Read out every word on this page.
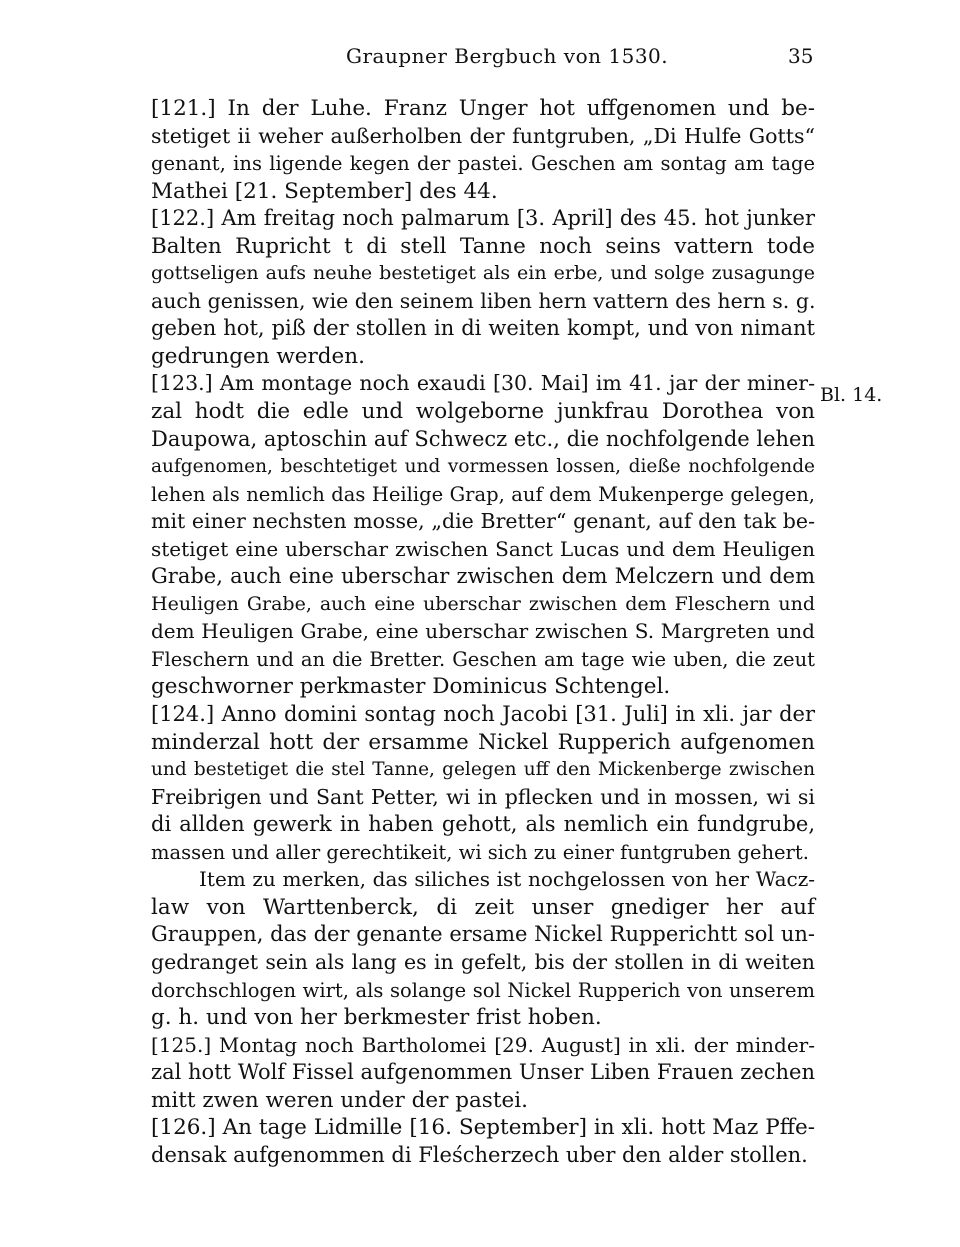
Graupner Bergbuch von 1530.	35
[121.] In der Luhe. Franz Unger hot uffgenomen und be-
stetiget ii weher außerholben der funtgruben, „Di Hulfe Gotts“
genant, ins ligende kegen der pastei. Geschen am sontag am tage
Mathei [21. September] des 44.
[122.] Am freitag noch palmarum [3. April] des 45. hot junker
Balten Rupricht t di stell Tanne noch seins vattern tode
gottseligen aufs neuhe bestetiget als ein erbe, und solge zusagunge
auch genissen, wie den seinem liben hern vattern des hern s. g.
geben hot, piß der stollen in di weiten kompt, und von nimant
gedrungen werden.
[123.] Am montage noch exaudi [30. Mai] im 41. jar der miner-
zal hodt die edle und wolgeborne junkfrau Dorothea von
Daupowa, aptoschin auf Schwecz etc., die nochfolgende lehen
aufgenomen, beschtetiget und vormessen lossen, dieße nochfolgende
lehen als nemlich das Heilige Grap, auf dem Mukenperge gelegen,
mit einer nechsten mosse, „die Bretter“ genant, auf den tak be-
stetiget eine uberschar zwischen Sanct Lucas und dem Heuligen
Grabe, auch eine uberschar zwischen dem Melczern und dem
Heuligen Grabe, auch eine uberschar zwischen dem Fleschern und
dem Heuligen Grabe, eine uberschar zwischen S. Margreten und
Fleschern und an die Bretter. Geschen am tage wie uben, die zeut
geschworner perkmaster Dominicus Schtengel.
[124.] Anno domini sontag noch Jacobi [31. Juli] in xli. jar der
minderzal hott der ersamme Nickel Rupperich aufgenomen
und bestetiget die stel Tanne, gelegen uff den Mickenberge zwischen
Freibrigen und Sant Petter, wi in pflecken und in mossen, wi si
di allden gewerk in haben gehott, als nemlich ein fundgrube,
massen und aller gerechtikeit, wi sich zu einer funtgruben gehert.
Item zu merken, das siliches ist nochgelossen von her Wacz-
law von Warttenberck, di zeit unser gnediger her auf
Grauppen, das der genante ersame Nickel Rupperichtt sol un-
gedranget sein als lang es in gefelt, bis der stollen in di weiten
dorchschlogen wirt, als solange sol Nickel Rupperich von unserem
g. h. und von her berkmester frist hoben.
[125.] Montag noch Bartholomei [29. August] in xli. der minder-
zal hott Wolf Fissel aufgenommen Unser Liben Frauen zechen
mitt zwen weren under der pastei.
[126.] An tage Lidmille [16. September] in xli. hott Maz Pffe-
densak aufgenommen di Fleścherzech uber den alder stollen.
Bl. 14.
